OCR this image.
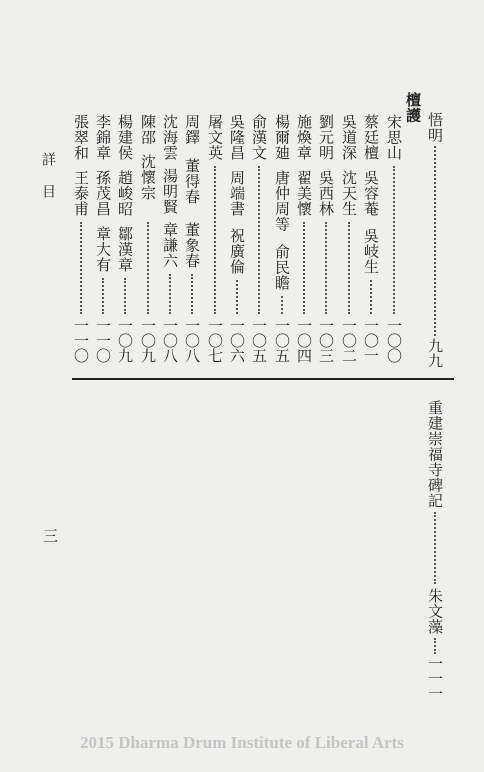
悟明
九九
檀護
宋思山
一〇〇
蔡廷檀
吳容菴
吳岐生
一〇一
吳道深
沈天生
一〇二
劉元明
吳西林
一〇三
施煥章
翟美懷
一〇四
楊爾廸
唐仲周等
俞民瞻
一〇五
俞漢文
一〇五
吳隆昌
周端書
祝廣倫
一〇六
屠文英
一〇七
周鐸
董得春
董象春
一〇八
沈海雲
湯明賢
章謙六
一〇八
陳邵
沈懷宗
一〇九
楊建侯
趙峻昭
鄒漢章
一〇九
李錦章
孫茂昌
章大有
一一〇
張翠和
王泰甫
一一〇
重建崇福寺碑記
朱文藻
一一一
詳目
三
2015 Dharma Drum Institute of Liberal Arts
